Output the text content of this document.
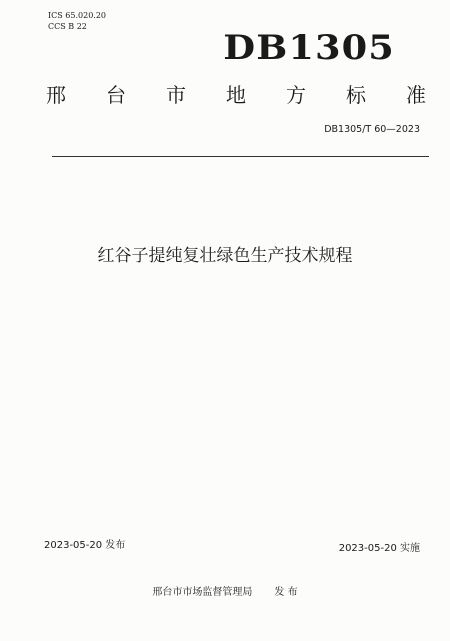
ICS 65.020.20
CCS B 22
DB1305
邢 台 市 地 方 标 准
DB1305/T 60—2023
红谷子提纯复壮绿色生产技术规程
2023-05-20 发布	2023-05-20 实施
邢台市市场监督管理局 发 布
